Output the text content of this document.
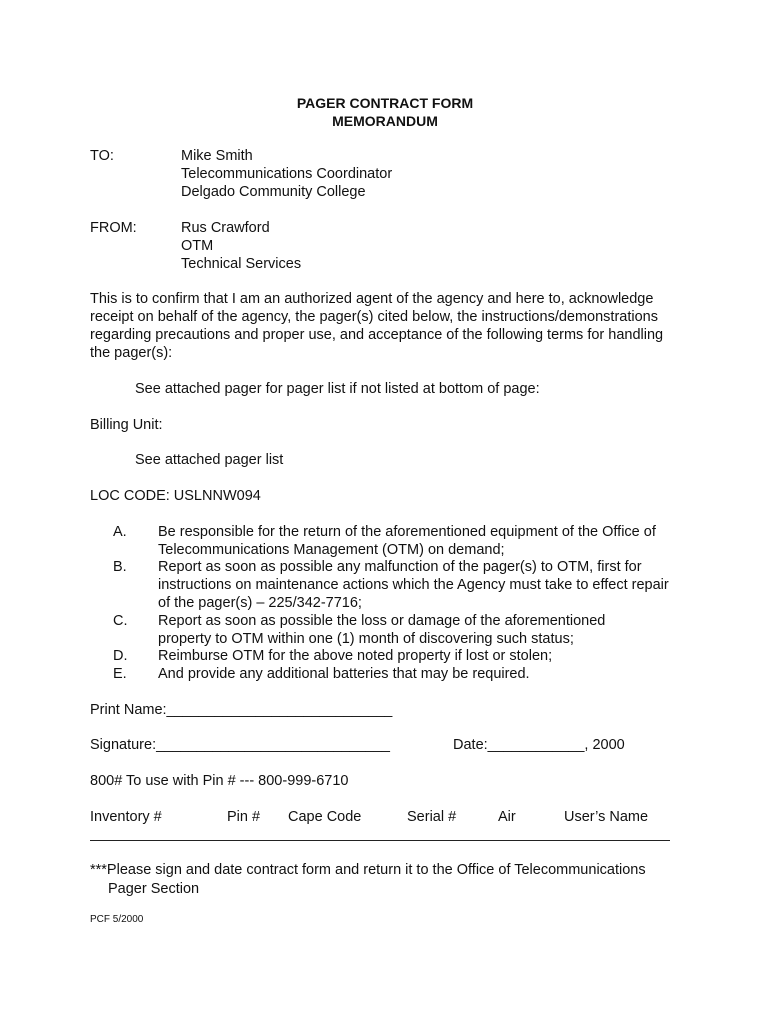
PAGER CONTRACT FORM
MEMORANDUM
TO:	Mike Smith
Telecommunications Coordinator
Delgado Community College
FROM:	Rus Crawford
OTM
Technical Services
This is to confirm that I am an authorized agent of the agency and here to, acknowledge receipt on behalf of the agency, the pager(s) cited below, the instructions/demonstrations regarding precautions and proper use, and acceptance of the following terms for handling the pager(s):
See attached pager for pager list if not listed at bottom of page:
Billing Unit:
See attached pager list
LOC CODE: USLNNW094
A.	Be responsible for the return of the aforementioned equipment of the Office of Telecommunications Management (OTM) on demand;
B.	Report as soon as possible any malfunction of the pager(s) to OTM, first for instructions on maintenance actions which the Agency must take to effect repair of the pager(s) – 225/342-7716;
C.	Report as soon as possible the loss or damage of the aforementioned property to OTM within one (1) month of discovering such status;
D.	Reimburse OTM for the above noted property if lost or stolen;
E.	And provide any additional batteries that may be required.
Print Name:____________________________
Signature:_____________________________	Date:____________, 2000
800# To use with Pin # --- 800-999-6710
Inventory #	Pin # Cape Code	Serial #	Air	User’s Name
***Please sign and date contract form and return it to the Office of Telecommunications
Pager Section
PCF 5/2000
